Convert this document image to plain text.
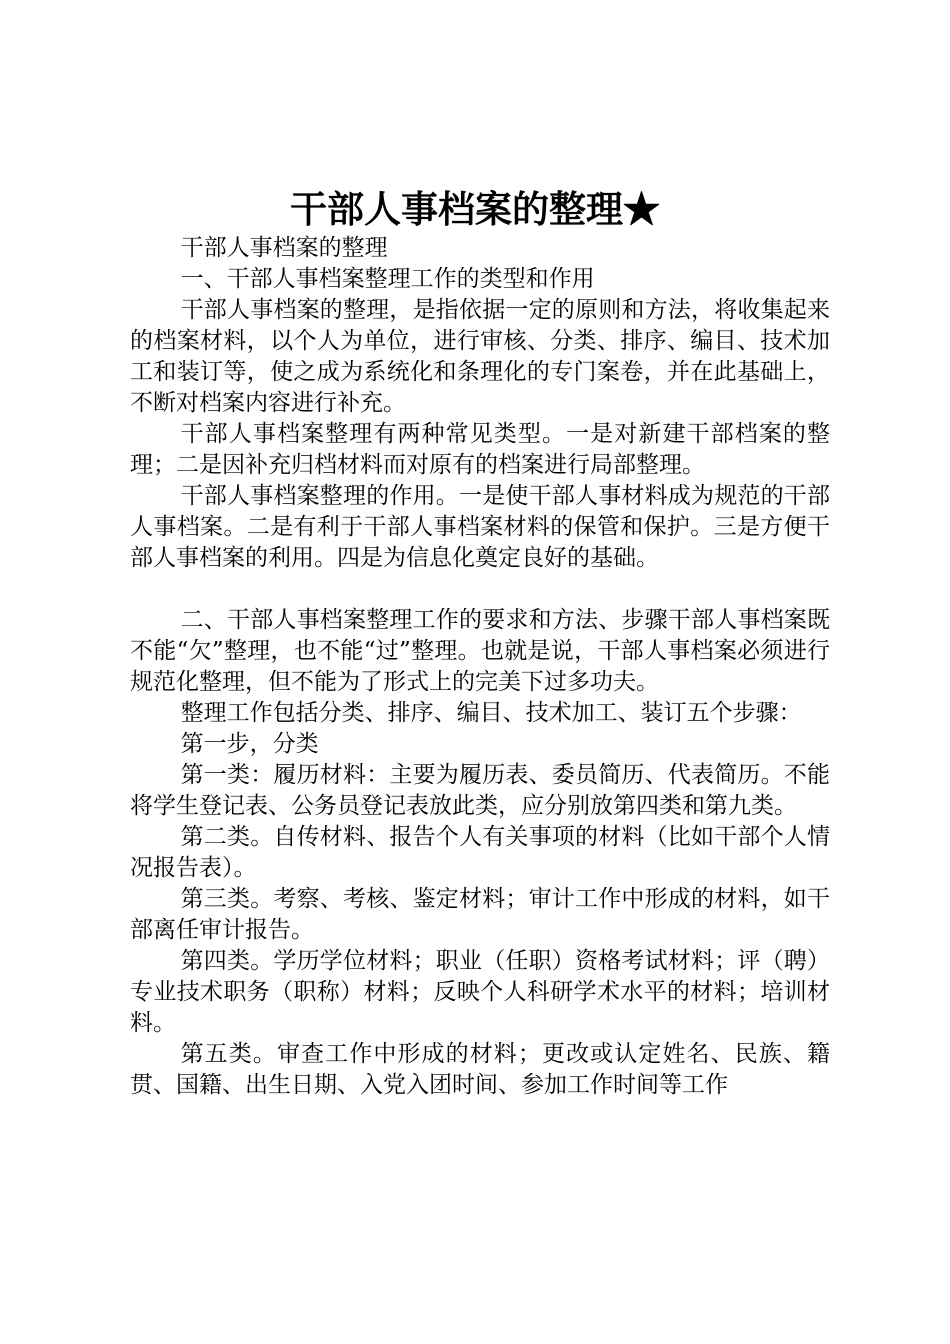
干部人事档案的整理★

干部人事档案的整理

一、干部人事档案整理工作的类型和作用

干部人事档案的整理，是指依据一定的原则和方法，将收集起来的档案材料，以个人为单位，进行审核、分类、排序、编目、技术加工和装订等，使之成为系统化和条理化的专门案卷，并在此基础上，不断对档案内容进行补充。

干部人事档案整理有两种常见类型。一是对新建干部档案的整理；二是因补充归档材料而对原有的档案进行局部整理。

干部人事档案整理的作用。一是使干部人事材料成为规范的干部人事档案。二是有利于干部人事档案材料的保管和保护。三是方便干部人事档案的利用。四是为信息化奠定良好的基础。

二、干部人事档案整理工作的要求和方法、步骤干部人事档案既不能“欠”整理，也不能“过”整理。也就是说，干部人事档案必须进行规范化整理，但不能为了形式上的完美下过多功夫。

整理工作包括分类、排序、编目、技术加工、装订五个步骤：

第一步，分类

第一类：履历材料：主要为履历表、委员简历、代表简历。不能将学生登记表、公务员登记表放此类，应分别放第四类和第九类。

第二类。自传材料、报告个人有关事项的材料（比如干部个人情况报告表）。

第三类。考察、考核、鉴定材料；审计工作中形成的材料，如干部离任审计报告。

第四类。学历学位材料；职业（任职）资格考试材料；评（聘）专业技术职务（职称）材料；反映个人科研学术水平的材料；培训材料。

第五类。审查工作中形成的材料；更改或认定姓名、民族、籍贯、国籍、出生日期、入党入团时间、参加工作时间等工作
